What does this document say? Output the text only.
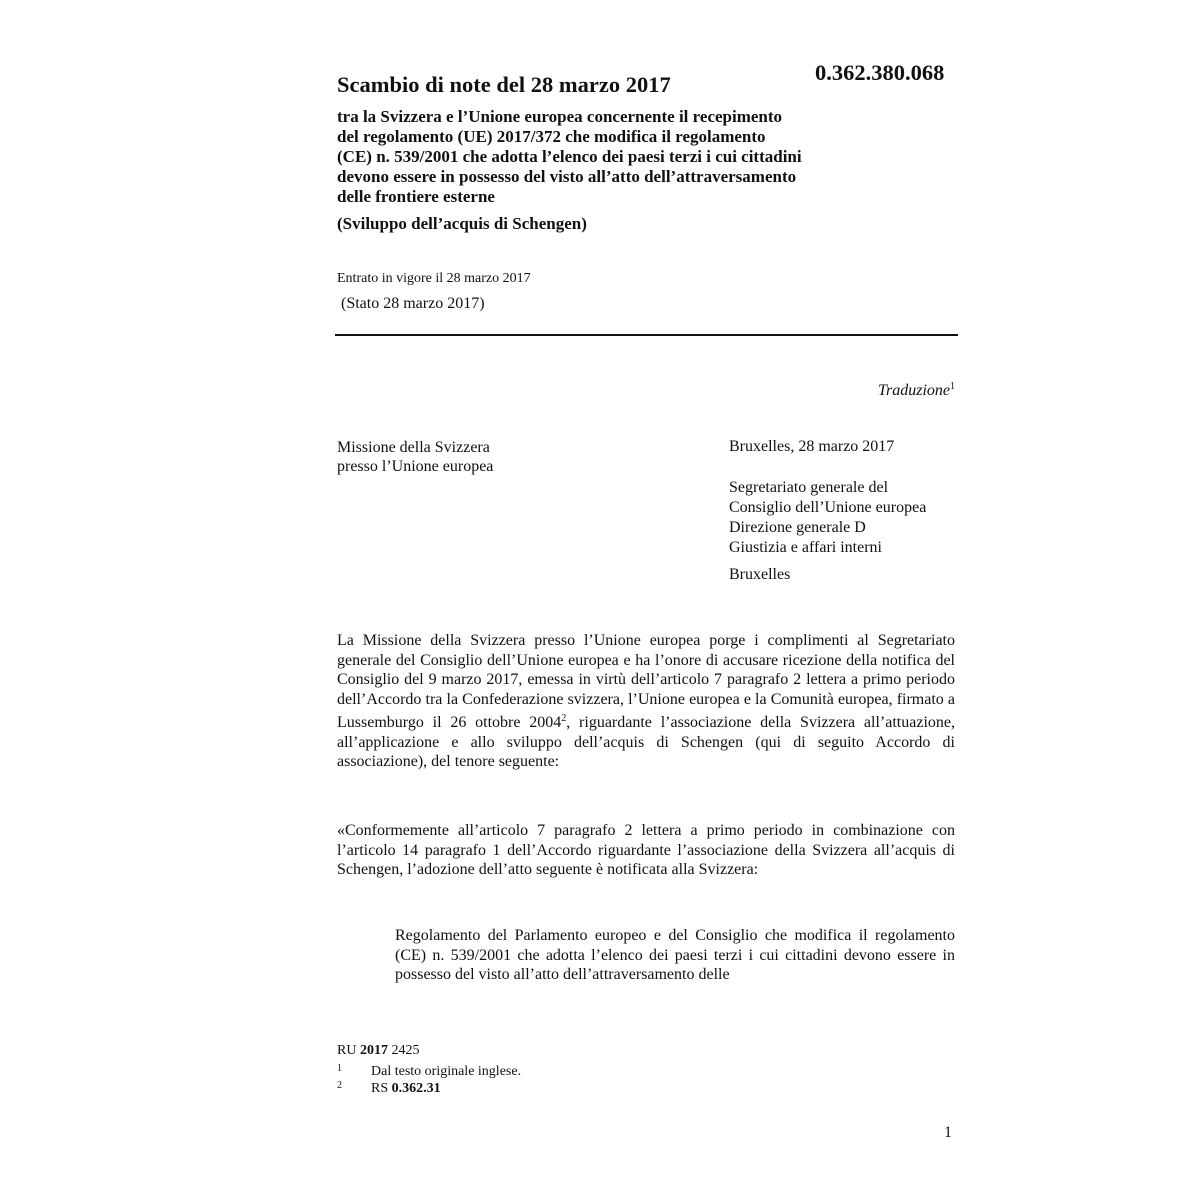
Scambio di note del 28 marzo 2017	0.362.380.068
tra la Svizzera e l’Unione europea concernente il recepimento
del regolamento (UE) 2017/372 che modifica il regolamento
(CE) n. 539/2001 che adotta l’elenco dei paesi terzi i cui cittadini
devono essere in possesso del visto all’atto dell’attraversamento
delle frontiere esterne
(Sviluppo dell’acquis di Schengen)
Entrato in vigore il 28 marzo 2017
(Stato 28 marzo 2017)
Traduzione$^1$
Missione della Svizzera
presso l’Unione europea
Bruxelles, 28 marzo 2017
Segretariato generale del
Consiglio dell’Unione europea
Direzione generale D
Giustizia e affari interni
Bruxelles
La Missione della Svizzera presso l’Unione europea porge i complimenti al Segretariato generale del Consiglio dell’Unione europea e ha l’onore di accusare ricezione della notifica del Consiglio del 9 marzo 2017, emessa in virtù dell’articolo 7 paragrafo 2 lettera a primo periodo dell’Accordo tra la Confederazione svizzera, l’Unione europea e la Comunità europea, firmato a Lussemburgo il 26 ottobre 2004$^2$, riguardante l’associazione della Svizzera all’attuazione, all’applicazione e allo sviluppo dell’acquis di Schengen (qui di seguito Accordo di associazione), del tenore seguente:
«Conformemente all’articolo 7 paragrafo 2 lettera a primo periodo in combinazione con l’articolo 14 paragrafo 1 dell’Accordo riguardante l’associazione della Svizzera all’acquis di Schengen, l’adozione dell’atto seguente è notificata alla Svizzera:
Regolamento del Parlamento europeo e del Consiglio che modifica il regolamento (CE) n. 539/2001 che adotta l’elenco dei paesi terzi i cui cittadini devono essere in possesso del visto all’atto dell’attraversamento delle
RU 2017 2425
1 Dal testo originale inglese.
2 RS 0.362.31
1
